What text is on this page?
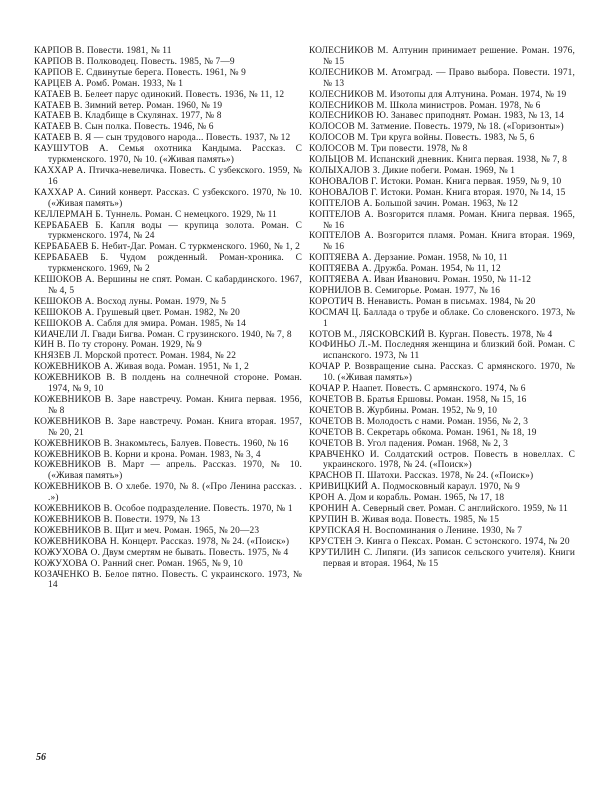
КАРПОВ В. Повести. 1981, № 11
КАРПОВ В. Полководец. Повесть. 1985, № 7—9
КАРПОВ Е. Сдвинутые берега. Повесть. 1961, № 9
КАРЦЕВ А. Ромб. Роман. 1933, № 1
КАТАЕВ В. Белеет парус одинокий. Повесть. 1936, № 11, 12
КАТАЕВ В. Зимний ветер. Роман. 1960, № 19
КАТАЕВ В. Кладбище в Скулянах. 1977, № 8
КАТАЕВ В. Сын полка. Повесть. 1946, № 6
КАТАЕВ В. Я — сын трудового народа... Повесть. 1937, № 12
КАУШУТОВ А. Семья охотника Кандыма. Рассказ. С туркменского. 1970, № 10. («Живая память»)
КАХХАР А. Птичка-невеличка. Повесть. С узбекского. 1959, № 16
КАХХАР А. Синий конверт. Рассказ. С узбекского. 1970, № 10. («Живая память»)
КЕЛЛЕРМАН Б. Туннель. Роман. С немецкого. 1929, № 11
КЕРБАБАЕВ Б. Капля воды — крупица золота. Роман. С туркменского. 1974, № 24
КЕРБАБАЕВ Б. Небит-Даг. Роман. С туркменского. 1960, № 1, 2
КЕРБАБАЕВ Б. Чудом рожденный. Роман-хроника. С туркменского. 1969, № 2
КЕШОКОВ А. Вершины не спят. Роман. С кабардинского. 1967, № 4, 5
КЕШОКОВ А. Восход луны. Роман. 1979, № 5
КЕШОКОВ А. Грушевый цвет. Роман. 1982, № 20
КЕШОКОВ А. Сабля для эмира. Роман. 1985, № 14
КИАЧЕЛИ Л. Гвади Бигва. Роман. С грузинского. 1940, № 7, 8
КИН В. По ту сторону. Роман. 1929, № 9
КНЯЗЕВ Л. Морской протест. Роман. 1984, № 22
КОЖЕВНИКОВ А. Живая вода. Роман. 1951, № 1, 2
КОЖЕВНИКОВ В. В полдень на солнечной стороне. Роман. 1974, № 9, 10
КОЖЕВНИКОВ В. Заре навстречу. Роман. Книга первая. 1956, № 8
КОЖЕВНИКОВ В. Заре навстречу. Роман. Книга вторая. 1957, № 20, 21
КОЖЕВНИКОВ В. Знакомьтесь, Балуев. Повесть. 1960, № 16
КОЖЕВНИКОВ В. Корни и крона. Роман. 1983, № 3, 4
КОЖЕВНИКОВ В. Март — апрель. Рассказ. 1970, № 10. («Живая память»)
КОЖЕВНИКОВ В. О хлебе. 1970, № 8. («Про Ленина рассказ. . .»)
КОЖЕВНИКОВ В. Особое подразделение. Повесть. 1970, № 1
КОЖЕВНИКОВ В. Повести. 1979, № 13
КОЖЕВНИКОВ В. Щит и меч. Роман. 1965, № 20—23
КОЖЕВНИКОВА Н. Концерт. Рассказ. 1978, № 24. («Поиск»)
КОЖУХОВА О. Двум смертям не бывать. Повесть. 1975, № 4
КОЖУХОВА О. Ранний снег. Роман. 1965, № 9, 10
КОЗАЧЕНКО В. Белое пятно. Повесть. С украинского. 1973, № 14
КОЛЕСНИКОВ М. Алтунин принимает решение. Роман. 1976, № 15
КОЛЕСНИКОВ М. Атомград. — Право выбора. Повести. 1971, № 13
КОЛЕСНИКОВ М. Изотопы для Алтунина. Роман. 1974, № 19
КОЛЕСНИКОВ М. Школа министров. Роман. 1978, № 6
КОЛЕСНИКОВ Ю. Занавес приподнят. Роман. 1983, № 13, 14
КОЛОСОВ М. Затмение. Повесть. 1979, № 18. («Горизонты»)
КОЛОСОВ М. Три круга войны. Повесть. 1983, № 5, 6
КОЛОСОВ М. Три повести. 1978, № 8
КОЛЬЦОВ М. Испанский дневник. Книга первая. 1938, № 7, 8
КОЛЫХАЛОВ З. Дикие побеги. Роман. 1969, № 1
КОНОВАЛОВ Г. Истоки. Роман. Книга первая. 1959, № 9, 10
КОНОВАЛОВ Г. Истоки. Роман. Книга вторая. 1970, № 14, 15
КОПТЕЛОВ А. Большой зачин. Роман. 1963, № 12
КОПТЕЛОВ А. Возгорится пламя. Роман. Книга первая. 1965, № 16
КОПТЕЛОВ А. Возгорится пламя. Роман. Книга вторая. 1969, № 16
КОПТЯЕВА А. Дерзание. Роман. 1958, № 10, 11
КОПТЯЕВА А. Дружба. Роман. 1954, № 11, 12
КОПТЯЕВА А. Иван Иванович. Роман. 1950, № 11-12
КОРНИЛОВ В. Семигорье. Роман. 1977, № 16
КОРОТИЧ В. Ненависть. Роман в письмах. 1984, № 20
КОСМАЧ Ц. Баллада о трубе и облаке. Со словенского. 1973, № 1
КОТОВ М., ЛЯСКОВСКИЙ В. Курган. Повесть. 1978, № 4
КОФИНЬО Л.-М. Последняя женщина и близкий бой. Роман. С испанского. 1973, № 11
КОЧАР Р. Возвращение сына. Рассказ. С армянского. 1970, № 10. («Живая память»)
КОЧАР Р. Наапет. Повесть. С армянского. 1974, № 6
КОЧЕТОВ В. Братья Ершовы. Роман. 1958, № 15, 16
КОЧЕТОВ В. Журбины. Роман. 1952, № 9, 10
КОЧЕТОВ В. Молодость с нами. Роман. 1956, № 2, 3
КОЧЕТОВ В. Секретарь обкома. Роман. 1961, № 18, 19
КОЧЕТОВ В. Угол падения. Роман. 1968, № 2, 3
КРАВЧЕНКО И. Солдатский остров. Повесть в новеллах. С украинского. 1978, № 24. («Поиск»)
КРАСНОВ П. Шатохи. Рассказ. 1978, № 24. («Поиск»)
КРИВИЦКИЙ А. Подмосковный караул. 1970, № 9
КРОН А. Дом и корабль. Роман. 1965, № 17, 18
КРОНИН А. Северный свет. Роман. С английского. 1959, № 11
КРУПИН В. Живая вода. Повесть. 1985, № 15
КРУПСКАЯ Н. Воспоминания о Ленине. 1930, № 7
КРУСТЕН Э. Кинга о Пексах. Роман. С эстонского. 1974, № 20
КРУТИЛИН С. Липяги. (Из записок сельского учителя). Книги первая и вторая. 1964, № 15
56
